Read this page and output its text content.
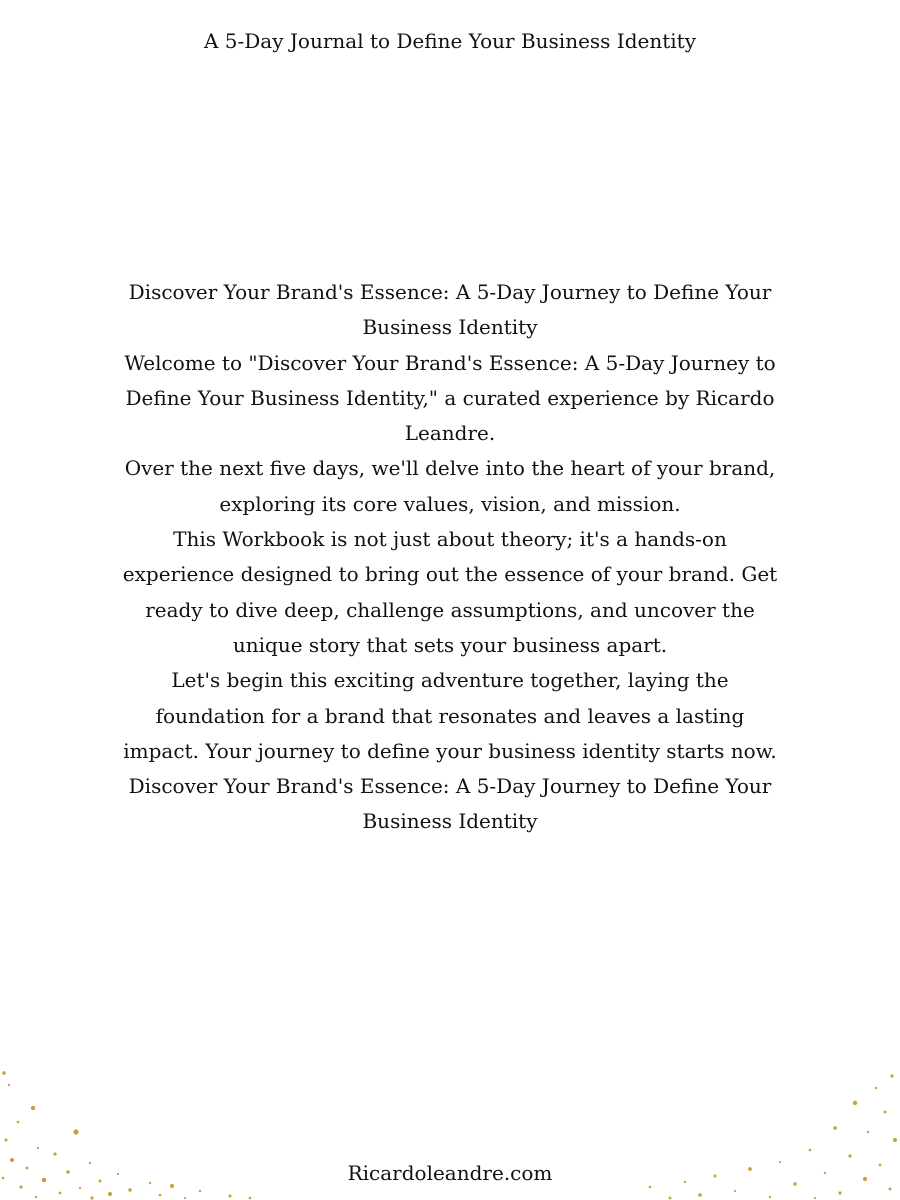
A 5-Day Journal to Define Your Business Identity

Discover Your Brand's Essence: A 5-Day Journey to Define Your Business Identity

Welcome to "Discover Your Brand's Essence: A 5-Day Journey to Define Your Business Identity," a curated experience by Ricardo Leandre.

Over the next five days, we'll delve into the heart of your brand, exploring its core values, vision, and mission.

This Workbook is not just about theory; it's a hands-on experience designed to bring out the essence of your brand. Get ready to dive deep, challenge assumptions, and uncover the unique story that sets your business apart.

Let's begin this exciting adventure together, laying the foundation for a brand that resonates and leaves a lasting impact. Your journey to define your business identity starts now.

Discover Your Brand's Essence: A 5-Day Journey to Define Your Business Identity

Ricardoleandre.com
